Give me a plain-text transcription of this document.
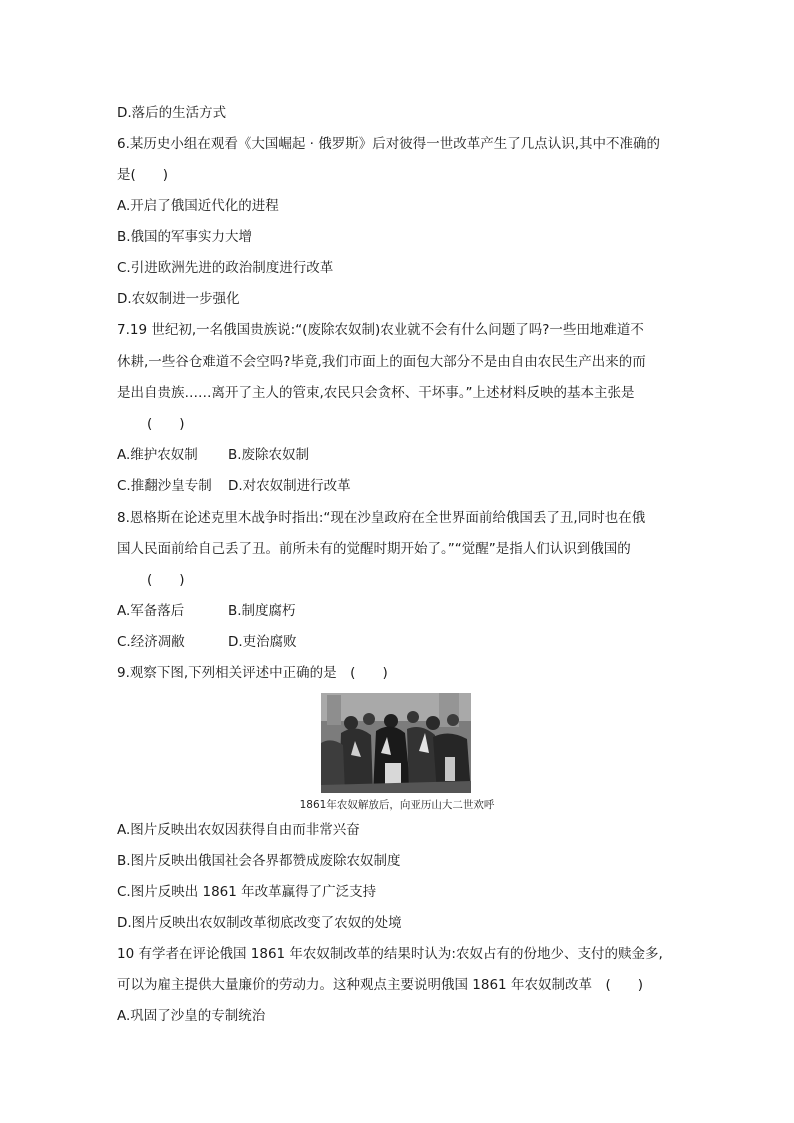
D.落后的生活方式
6.某历史小组在观看《大国崛起 · 俄罗斯》后对彼得一世改革产生了几点认识,其中不准确的
是(　　)
A.开启了俄国近代化的进程
B.俄国的军事实力大增
C.引进欧洲先进的政治制度进行改革
D.农奴制进一步强化
7.19 世纪初,一名俄国贵族说:“(废除农奴制)农业就不会有什么问题了吗?一些田地难道不
休耕,一些谷仓难道不会空吗?毕竟,我们市面上的面包大部分不是由自由农民生产出来的而
是出自贵族……离开了主人的管束,农民只会贪杯、干坏事。”上述材料反映的基本主张是
(　　)
A.维护农奴制 B.废除农奴制
C.推翻沙皇专制 D.对农奴制进行改革
8.恩格斯在论述克里木战争时指出:“现在沙皇政府在全世界面前给俄国丢了丑,同时也在俄
国人民面前给自己丢了丑。前所未有的觉醒时期开始了。”“觉醒”是指人们认识到俄国的
(　　)
A.军备落后	B.制度腐朽
C.经济凋敝	D.吏治腐败
9.观察下图,下列相关评述中正确的是　(　　)
1861年农奴解放后，向亚历山大二世欢呼
A.图片反映出农奴因获得自由而非常兴奋
B.图片反映出俄国社会各界都赞成废除农奴制度
C.图片反映出 1861 年改革赢得了广泛支持
D.图片反映出农奴制改革彻底改变了农奴的处境
10 有学者在评论俄国 1861 年农奴制改革的结果时认为:农奴占有的份地少、支付的赎金多,
可以为雇主提供大量廉价的劳动力。这种观点主要说明俄国 1861 年农奴制改革　(　　)
A.巩固了沙皇的专制统治
